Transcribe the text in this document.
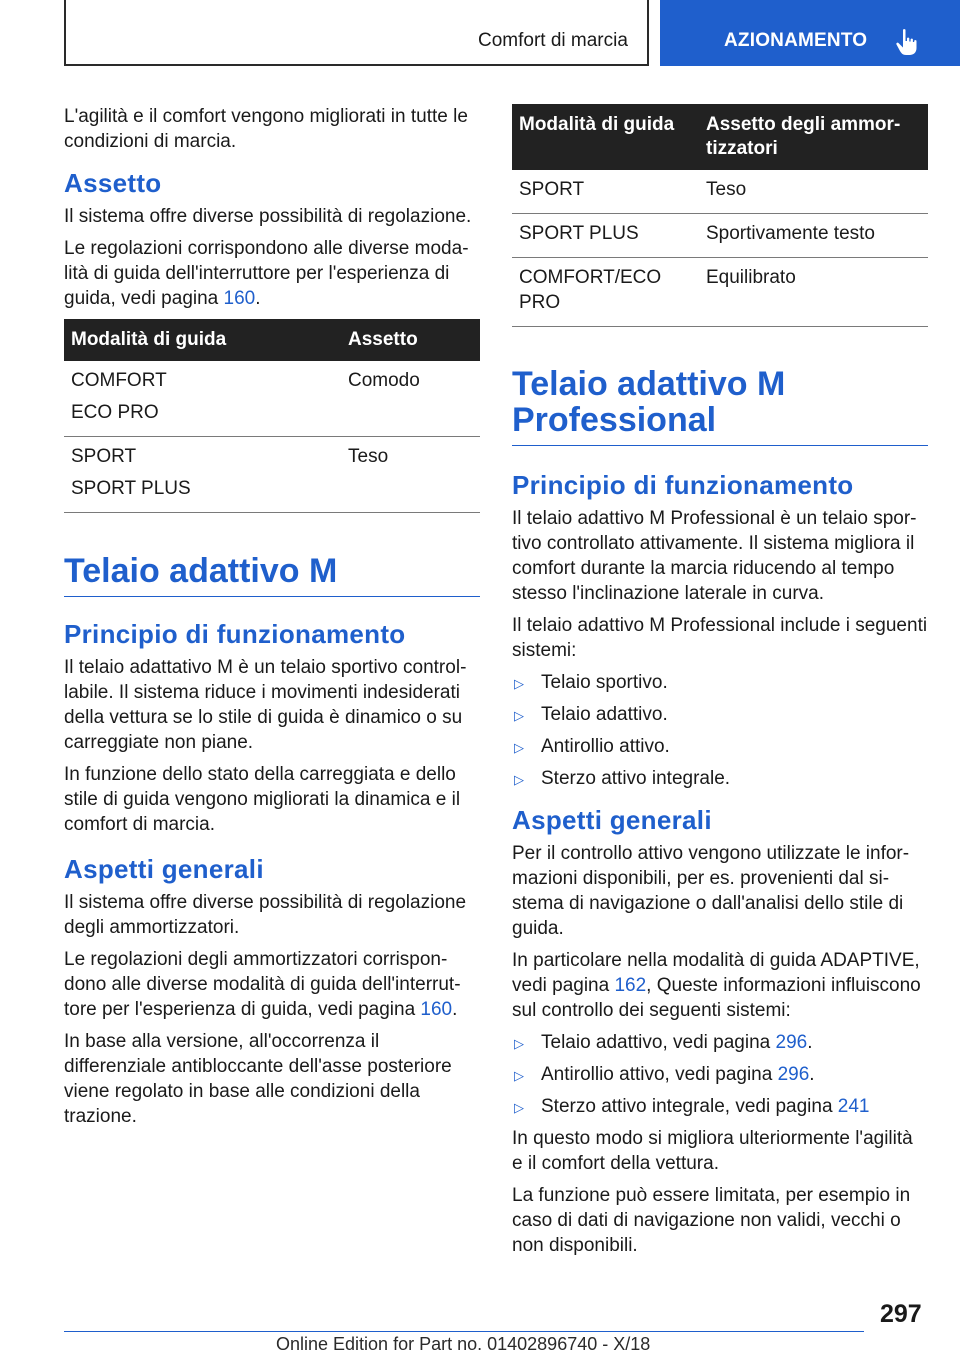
Comfort di marcia	AZIONAMENTO

L'agilità e il comfort vengono migliorati in tutte le condizioni di marcia.

Assetto

Il sistema offre diverse possibilità di regolazione.

Le regolazioni corrispondono alle diverse modalità di guida dell'interruttore per l'esperienza di guida, vedi pagina 160.

Modalità di guida	Assetto
COMFORT
ECO PRO	Comodo
SPORT
SPORT PLUS	Teso
Telaio adattivo M
Principio di funzionamento

Il telaio adattativo M è un telaio sportivo controllabile. Il sistema riduce i movimenti indesiderati della vettura se lo stile di guida è dinamico o su carreggiate non piane.

In funzione dello stato della carreggiata e dello stile di guida vengono migliorati la dinamica e il comfort di marcia.

Aspetti generali

Il sistema offre diverse possibilità di regolazione degli ammortizzatori.

Le regolazioni degli ammortizzatori corrispondono alle diverse modalità di guida dell'interruttore per l'esperienza di guida, vedi pagina 160.

In base alla versione, all'occorrenza il differenziale antibloccante dell'asse posteriore viene regolato in base alle condizioni della trazione.

Modalità di guida	Assetto degli ammortizzatori
SPORT	Teso
SPORT PLUS	Sportivamente testo
COMFORT/ECO PRO	Equilibrato
Telaio adattivo M Professional
Principio di funzionamento

Il telaio adattivo M Professional è un telaio sportivo controllato attivamente. Il sistema migliora il comfort durante la marcia riducendo al tempo stesso l'inclinazione laterale in curva.

Il telaio adattivo M Professional include i seguenti sistemi:

▷ Telaio sportivo.
▷ Telaio adattivo.
▷ Antirollio attivo.
▷ Sterzo attivo integrale.
Aspetti generali

Per il controllo attivo vengono utilizzate le informazioni disponibili, per es. provenienti dal sistema di navigazione o dall'analisi dello stile di guida.

In particolare nella modalità di guida ADAPTIVE, vedi pagina 162, Queste informazioni influiscono sul controllo dei seguenti sistemi:

▷ Telaio adattivo, vedi pagina 296.
▷ Antirollio attivo, vedi pagina 296.
▷ Sterzo attivo integrale, vedi pagina 241

In questo modo si migliora ulteriormente l'agilità e il comfort della vettura.

La funzione può essere limitata, per esempio in caso di dati di navigazione non validi, vecchi o non disponibili.

297
Online Edition for Part no. 01402896740 - X/18
